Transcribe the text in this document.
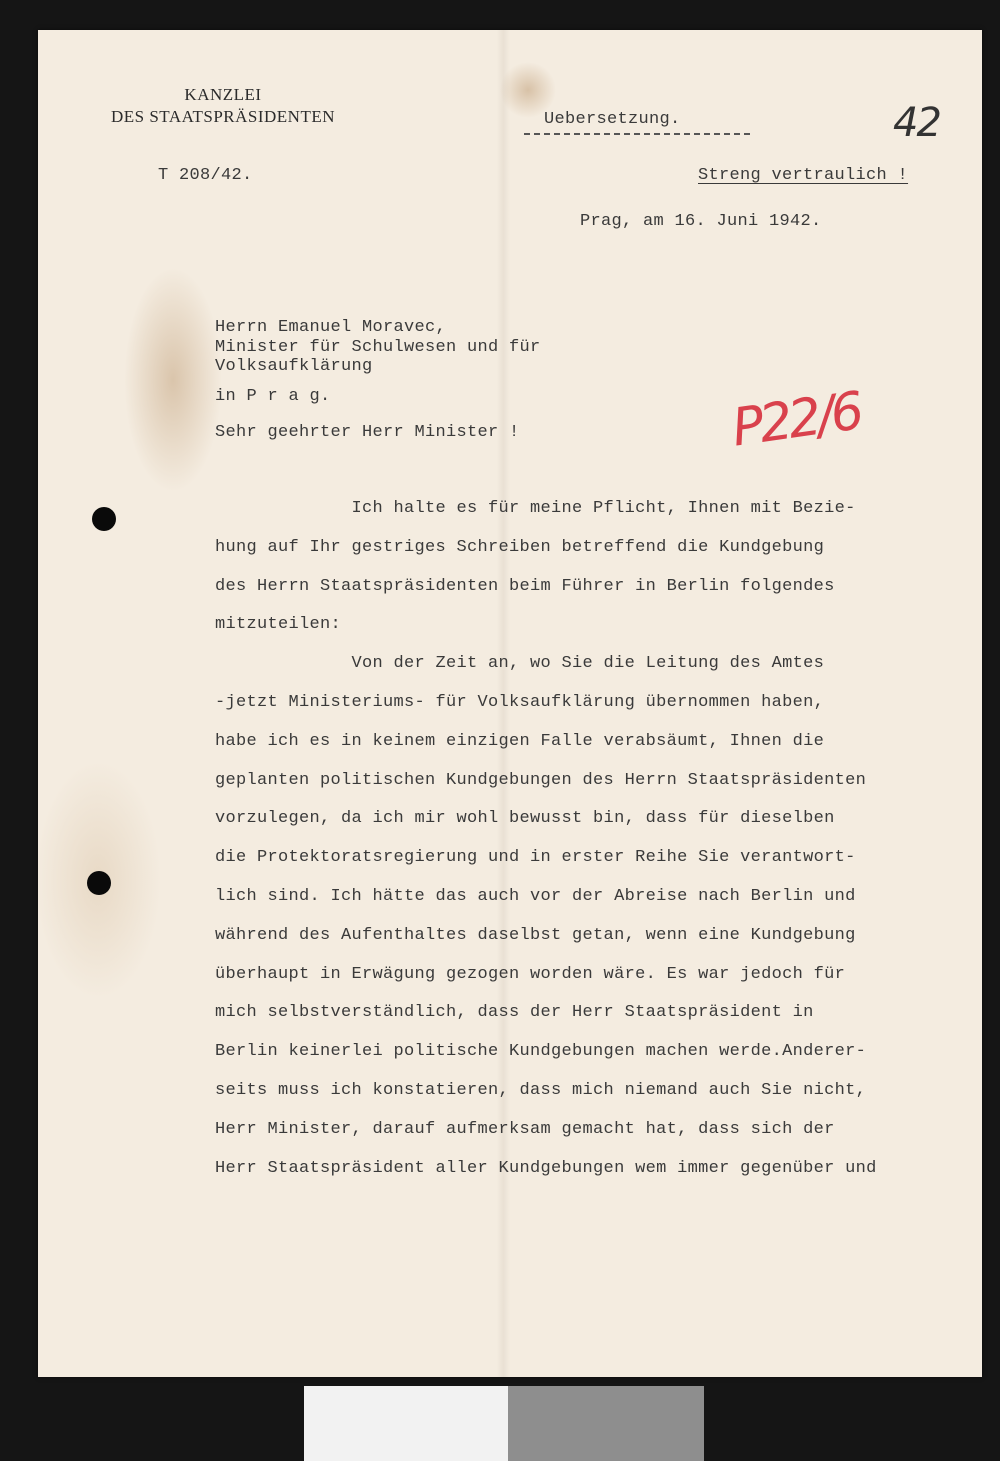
KANZLEI
DES STAATSPRÄSIDENTEN	Uebersetzung.	42
T 208/42.	Streng vertraulich !
Prag, am 16. Juni 1942.
Herrn Emanuel Moravec,
Minister für Schulwesen und für
Volksaufklärung
in P r a g.	P22/6
Sehr geehrter Herr Minister !
Ich halte es für meine Pflicht, Ihnen mit Bezie-
hung auf Ihr gestriges Schreiben betreffend die Kundgebung
des Herrn Staatspräsidenten beim Führer in Berlin folgendes
mitzuteilen:
Von der Zeit an, wo Sie die Leitung des Amtes
-jetzt Ministeriums- für Volksaufklärung übernommen haben,
habe ich es in keinem einzigen Falle verabsäumt, Ihnen die
geplanten politischen Kundgebungen des Herrn Staatspräsidenten
vorzulegen, da ich mir wohl bewusst bin, dass für dieselben
die Protektoratsregierung und in erster Reihe Sie verantwort-
lich sind. Ich hätte das auch vor der Abreise nach Berlin und
während des Aufenthaltes daselbst getan, wenn eine Kundgebung
überhaupt in Erwägung gezogen worden wäre. Es war jedoch für
mich selbstverständlich, dass der Herr Staatspräsident in
Berlin keinerlei politische Kundgebungen machen werde.Anderer-
seits muss ich konstatieren, dass mich niemand auch Sie nicht,
Herr Minister, darauf aufmerksam gemacht hat, dass sich der
Herr Staatspräsident aller Kundgebungen wem immer gegenüber und
